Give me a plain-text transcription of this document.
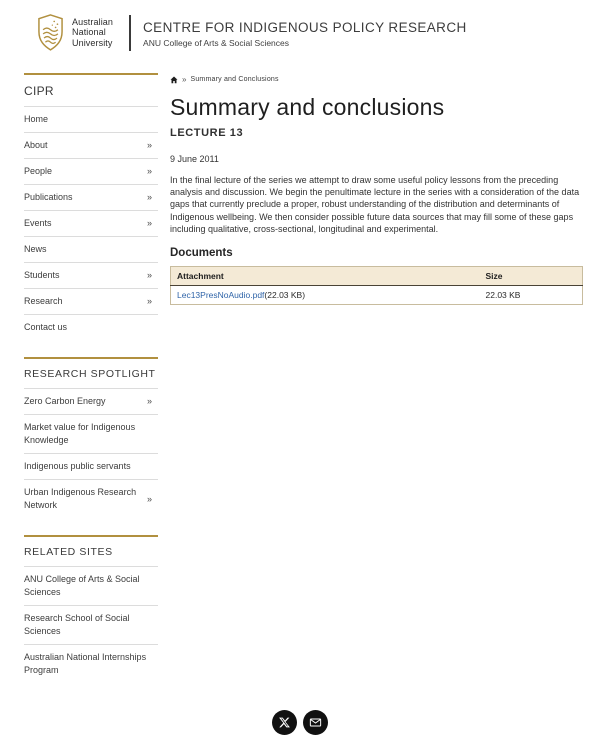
Australian
National
University
CENTRE FOR INDIGENOUS POLICY RESEARCH
ANU College of Arts & Social Sciences
CIPR
Home
About	»
People	»
Publications	»
Events	»
News
Students	»
Research	»
Contact us
RESEARCH SPOTLIGHT
Zero Carbon Energy	»
Market value for Indigenous Knowledge
Indigenous public servants
Urban Indigenous Research Network
»
RELATED SITES
ANU College of Arts & Social Sciences
Research School of Social Sciences
Australian National Internships Program
» Summary and Conclusions
Summary and conclusions
LECTURE 13
9 June 2011

In the final lecture of the series we attempt to draw some useful policy lessons from the preceding analysis and discussion. We begin the penultimate lecture in the series with a consideration of the data gaps that currently preclude a proper, robust understanding of the distribution and determinants of Indigenous wellbeing. We then consider possible future data sources that may fill some of these gaps including qualitative, cross-sectional, longitudinal and experimental.

Documents
Attachment	Size
Lec13PresNoAudio.pdf(22.03 KB)	22.03 KB
